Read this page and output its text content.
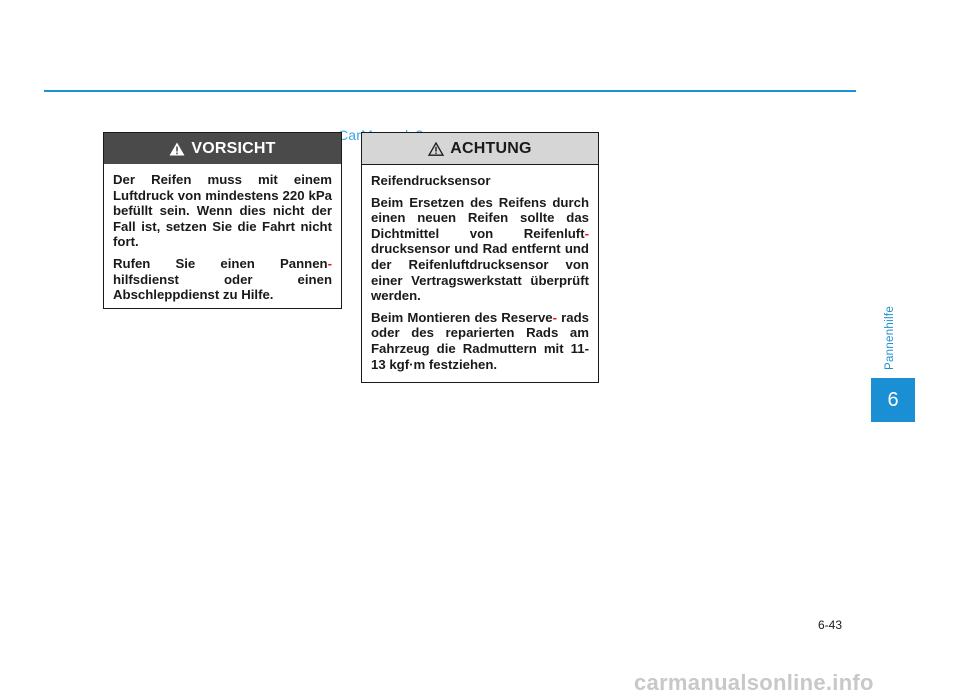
VORSICHT

Der Reifen muss mit einem Luftdruck von mindestens 220 kPa befüllt sein. Wenn dies nicht der Fall ist, setzen Sie die Fahrt nicht fort.

Rufen Sie einen Pannen- hilfsdienst oder einen Abschleppdienst zu Hilfe.

ACHTUNG

Reifendrucksensor

Beim Ersetzen des Reifens durch einen neuen Reifen sollte das Dichtmittel von Reifenluft- drucksensor und Rad entfernt und der Reifenluftdrucksensor von einer Vertragswerkstatt überprüft werden.

Beim Montieren des Reserve- rads oder des reparierten Rads am Fahrzeug die Radmuttern mit 11-13 kgf·m festziehen.	Pannenhilfe
6
6-43
carmanualsonline.info
